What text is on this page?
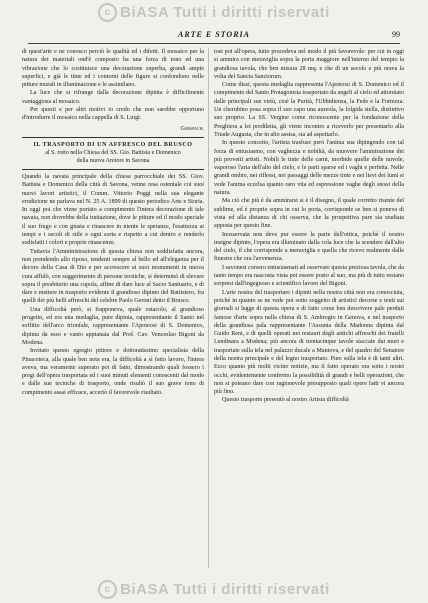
c BiASA Tutti i diritti riservati
ARTE E STORIA	99

di quest'arte e ne conosco perciò le qualità ed i difetti. Il mosaico per la natura dei materiali ond'è composto ha una forza di tono ed una vibrazione che lo costituisce una decorazione superba, grandi ampie superfici, e già le tinte ed i contorni delle figure si confondono nelle pitture murali in illuminazione e le assimilano.

La luce che si rifrange dalla decorazione dipinta è difficilmente vantaggiosa al mosaico.

Per questi e per altri motivi io credo che non sarebbe opportuno d'introdurre il mosaico nella cappella di S. Luigi.

Gerspach.
IL TRASPORTO DI UN AFFRESCO DEL BRUSCO
al S. rotto nella Chiesa del SS. Gio. Battista e Domenico
della nuova Aretore in Savona

Quando la navata principale della chiesa parrocchiale dei SS. Giov. Battista e Domenico della città di Savona, venne resa ostentale coi suoi nuovi lavori artistici, il Comm. Vittorio Poggi nella sua elegante erudizione ne parlava nel N. 25 A. 1899 di questo periodico Arte e Storia. In oggi poi che viene portato a compimento l'intera decorazione di tale navata, non dovrebbe della trattazione, dove le pitture ed il modo speciale il suo frugo e con giusta e rinascere in niente le speranze, l'esattezza ai tempi e i secoli di stile e ogni sorta e rispetto a cui dentro e renderlo sodisfatti i colori e proprie rinascenze.

Tuttavia l'Amministrazione di questa chiesa non soddisfatta ancora, non prendendo allo riposo, tendenti sempre al bello ed all'eleganza per il decoro della Casa di Dio e per accrescere ai suoi monumenti in nuova cura affidò, con suggerimento di persone tecniche, si determinò di elevare sopra il presbiterio una cupola, affine di dare luce al Sacro Santuario, e di dare e mettere in trasporto evidente il grandioso dipinto del Battistero, fra quelli dei più belli affreschi del celebre Paolo Geroni detto il Brusco.

Una difficoltà però, si frapponeva, quale ostacolo, al grandioso progetto, ed era una medaglia, pure dipinta, rappresentante il Santo nel soffitto dell'arco trionfale, rappresentante l'Apoteosi di S. Domenico, dipinta da esso e vanto appianata dal Prof. Cav. Venceslao Bigoni da Modena.

Invitato questo egregio pittore e dottoratissimo specialista della Pinacoteca, alla quale ben nota era, la difficoltà a sì fatto lavoro, l'intera aveva, ma veramente superato poi di fatto, dimostrando quali fossero i pregi dell'opera trasportata ed i suoi minuti elementi conoscenti dal modo e dalle sue tecniche di trasporto, onde risultò il suo grave tono di compimento assai efficace, accertò il favorevole risultato.

tosi poi all'opera, tutto procedeva nel modo il più favorevole: per cui in oggi si ammira con meraviglia sopra la porta maggiore nell'interno del tempio la grandiosa tavola, che ben misura 28 mq. e che di un secolo e più orava la volta del Sancta Sanctorum.

Come dissi, questa medaglia rappresenta l'Apoteosi di S. Domenico ed il compimento del Santo Protagonista trasportato da angeli al cielo ed attorniato dalle principali sue virtù, cioè la Purità, l'Ubbidienza, la Fede e la Fortezza. Un cherubino posa sopra il suo capo una aureola, la folgida stella, distintivo suo proprio. La SS. Vergine come riconoscente per la fondazione della Preghiera a lei prediletta, gli viene incontro a riceverlo per presentarlo alla Triade Augusta, che in alto assisa, sta ad aspettarlo.

In questo concetto, l'artista trasfuse però l'anima sua dipingendo con tal forza di entusiasmo, con vaghezza e nobiltà, da muovere l'ammirazione dei più provetti artisti. Nobili le tinte delle carni, morbide quelle delle nuvole, vaporoso l'aria dell'alto del cielo, e le parti sparse ed i vaghi e perfetta. Nelle grandi ombre, nei riflessi, nei passaggi delle mezze tinte e nei lievi dei lumi si vede l'anima eccelsa quanto raro vita ed espressione vaghe degli stessi della natura.

Ma ciò che più è da ammirarsi si è il disegno, il quale corretto risente del sublime, ed è proprio sopra in cui lo porta, corrisponde se ben si poneva di vista ed alla distanza di chi osserva, che la prospettiva pare sia studiata apposta per questo fine.

Inosservata non deve pur essere la parte dell'ottica, poiché il nostro insigne dipinto, l'opera era illuminato dalla cola luce che la scendere dall'alto del cielo, il che corrisponde a meraviglia e quella che ricevo realmente dalle finestre che ora l'avvenenza.

I savonesi corsero entusiasmati ad osservare questa preziosa tavola, che da tanto tempo era nascosta vista poi essere posto al suo, ma più di tutto restano sorpresi dall'ingegnoso e scientifico lavoro del Bigoni.

L'arte nostra del trasportare i dipinti nella nostra città non era conosciuta, poiché in quanto se ne vede poi sotto soggetto di artistici decorse e tenti sui giornali si legge di questa opera e di fatto come ben descrivere pale perduti famose d'arte sopra nella chiesa di S. Ambrogio in Genova, e nel trasporto della grandiosa pala rappresentante l'Assunta della Madonna dipinta dal Guido Reni, e di quelli operati nei restauri degli antichi affreschi dei fratelli Lendinara a Modena; più ancora di trentacinque tavole staccate dai muri e trasportate sulla tela nel palazzo ducale a Mantova, e del quadro del Senatore della nostra principale e del legno trasportato. Pure sulla tela è di tanti altri. Ecco quanto più molti vicino notizie, ma il fatto operato ora sotto i nostri occhi, evidentemente confermo la possibilità di grandi e belli operazioni, che non si poteano dare con ragionevole presupposto quali opere fatti vi ancora più fino.

Questo trasporto presentò al nostro Artista difficoltà

c BiASA Tutti i diritti riservati
